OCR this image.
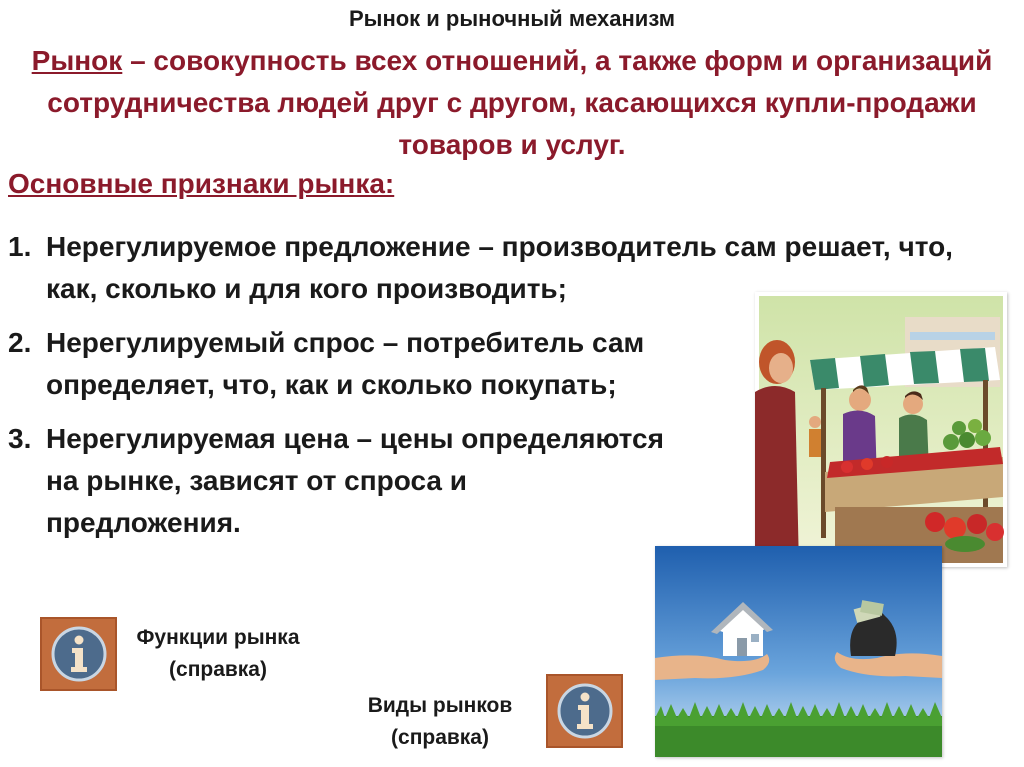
Рынок и рыночный механизм
Рынок – совокупность всех отношений, а также форм и организаций сотрудничества людей друг с другом, касающихся купли-продажи товаров и услуг.
Основные признаки рынка:
1. Нерегулируемое предложение – производитель сам решает, что, как, сколько и для кого производить;
2. Нерегулируемый спрос – потребитель сам определяет, что, как и сколько покупать;
3. Нерегулируемая цена – цены определяются на рынке, зависят от спроса и предложения.
Функции рынка
(справка)
Виды рынков
(справка)
